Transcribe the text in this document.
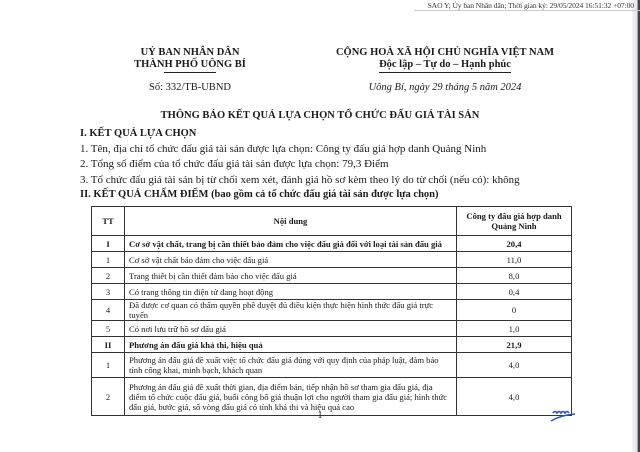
SAO Y; Ủy ban Nhân dân; Thời gian ký: 29/05/2024 16:51:32 +07:00
UỶ BAN NHÂN DÂN
THÀNH PHỐ UÔNG BÍ
Số: 332/TB-UBND
CỘNG HOÀ XÃ HỘI CHỦ NGHĨA VIỆT NAM
Độc lập – Tự do – Hạnh phúc
Uông Bí, ngày 29 tháng 5 năm 2024
THÔNG BÁO KẾT QUẢ LỰA CHỌN TỔ CHỨC ĐẤU GIÁ TÀI SẢN
I. KẾT QUẢ LỰA CHỌN
1. Tên, địa chỉ tổ chức đấu giá tài sản được lựa chọn: Công ty đấu giá hợp danh Quảng Ninh
2. Tổng số điểm của tổ chức đấu giá tài sản được lựa chọn: 79,3 Điểm
3. Tổ chức đấu giá tài sản bị từ chối xem xét, đánh giá hồ sơ kèm theo lý do từ chối (nếu có): không
II. KẾT QUẢ CHẤM ĐIỂM (bao gồm cả tổ chức đấu giá tài sản được lựa chọn)
TT	Nội dung	Công ty đấu giá hợp danh Quảng Ninh
I	Cơ sở vật chất, trang bị cần thiết bảo đảm cho việc đấu giá đối với loại tài sản đấu giá	20,4
1	Cơ sở vật chất bảo đảm cho việc đấu giá	11,0
2	Trang thiết bị cần thiết đảm bảo cho việc đấu giá	8,0
3	Có trang thông tin điện tử đang hoạt động	0,4
4	Đã được cơ quan có thẩm quyền phê duyệt đủ điều kiện thực hiện hình thức đấu giá trực tuyến	0
5	Có nơi lưu trữ hồ sơ đấu giá	1,0
II	Phương án đấu giá khả thi, hiệu quả	21,9
1	Phương án đấu giá đề xuất việc tổ chức đấu giá đúng với quy định của pháp luật, đảm bảo tính công khai, minh bạch, khách quan	4,0
2	Phương án đấu giá đề xuất thời gian, địa điểm bán, tiếp nhận hồ sơ tham gia đấu giá, địa điểm tổ chức cuộc đấu giá, buổi công bố giá thuận lợi cho người tham gia đấu giá; hình thức đấu giá, bước giá, số vòng đấu giá có tính khả thi và hiệu quả cao	4,0
1
